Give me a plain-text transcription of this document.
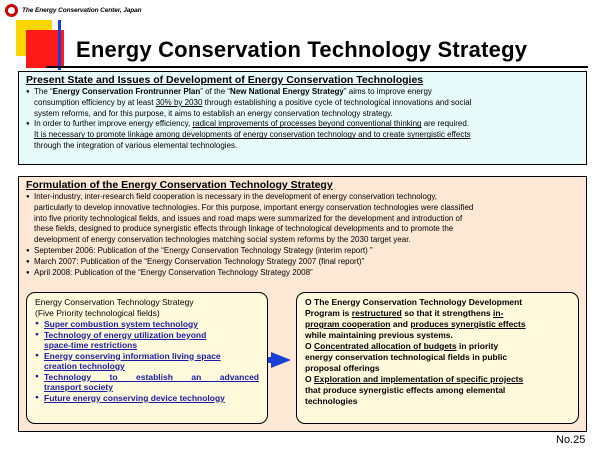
The Energy Conservation Center, Japan
Energy Conservation Technology Strategy
Present State and Issues of Development of Energy Conservation Technologies
● The “Energy Conservation Frontrunner Plan” of the “New National Energy Strategy” aims to improve energy
consumption efficiency by at least 30% by 2030 through establishing a positive cycle of technological innovations and social
system reforms, and for this purpose, it aims to establish an energy conservation technology strategy.
● In order to further improve energy efficiency, radical improvements of processes beyond conventional thinking are required.
It is necessary to promote linkage among developments of energy conservation technology and to create synergistic effects
through the integration of various elemental technologies.
Formulation of the Energy Conservation Technology Strategy
● Inter-industry, inter-research field cooperation is necessary in the development of energy conservation technology,
particularly to develop innovative technologies. For this purpose, important energy conservation technologies were classified
into five priority technological fields, and issues and road maps were summarized for the development and introduction of
these fields, designed to produce synergistic effects through linkage of technological developments and to promote the
development of energy conservation technologies matching social system reforms by the 2030 target year.
● September 2006: Publication of the “Energy Conservation Technology Strategy (interim report) ”
● March 2007: Publication of the “Energy Conservation Technology Strategy 2007 (final report)”
● April 2008: Publication of the “Energy Conservation Technology Strategy 2008”
Energy Conservation Technology Strategy
(Five Priority technological fields)
● Super combustion system technology
● Technology of energy utilization beyond
space-time restrictions
● Energy conserving information living space
creation technology
● Technology to establish an advanced
transport society
● Future energy conserving device technology
O The Energy Conservation Technology Development
Program is restructured so that it strengthens in-
program cooperation and produces synergistic effects
while maintaining previous systems.
O Concentrated allocation of budgets in priority
energy conservation technological fields in public
proposal offerings
O Exploration and implementation of specific projects
that produce synergistic effects among elemental
technologies
No.25
